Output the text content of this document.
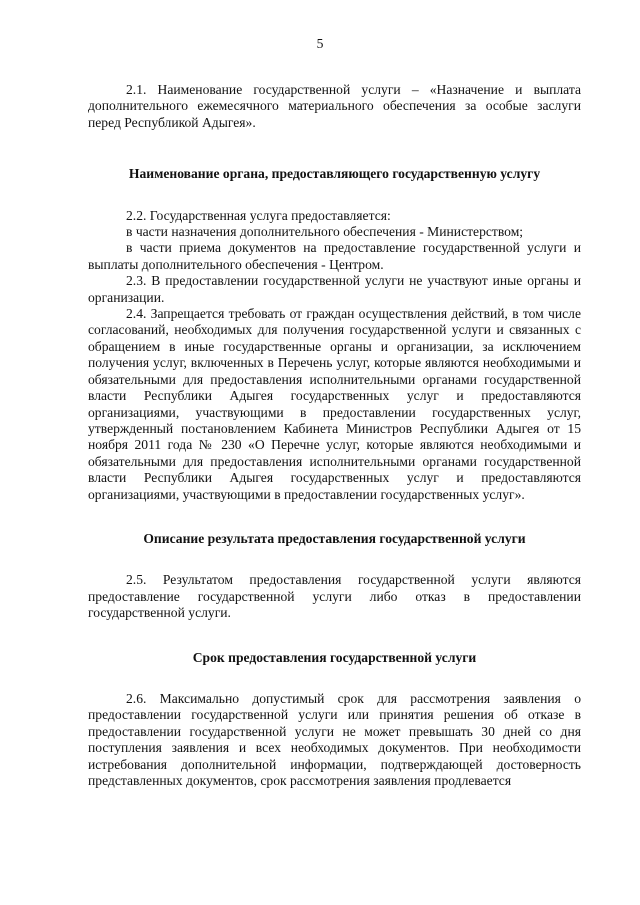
5

2.1. Наименование государственной услуги – «Назначение и выплата дополнительного ежемесячного материального обеспечения за особые заслуги перед Республикой Адыгея».

Наименование органа, предоставляющего государственную услугу

2.2. Государственная услуга предоставляется:

в части назначения дополнительного обеспечения - Министерством;

в части приема документов на предоставление государственной услуги и выплаты дополнительного обеспечения - Центром.

2.3. В предоставлении государственной услуги не участвуют иные органы и организации.

2.4. Запрещается требовать от граждан осуществления действий, в том числе согласований, необходимых для получения государственной услуги и связанных с обращением в иные государственные органы и организации, за исключением получения услуг, включенных в Перечень услуг, которые являются необходимыми и обязательными для предоставления исполнительными органами государственной власти Республики Адыгея государственных услуг и предоставляются организациями, участвующими в предоставлении государственных услуг, утвержденный постановлением Кабинета Министров Республики Адыгея от 15 ноября 2011 года № 230 «О Перечне услуг, которые являются необходимыми и обязательными для предоставления исполнительными органами государственной власти Республики Адыгея государственных услуг и предоставляются организациями, участвующими в предоставлении государственных услуг».

Описание результата предоставления государственной услуги

2.5. Результатом предоставления государственной услуги являются предоставление государственной услуги либо отказ в предоставлении государственной услуги.

Срок предоставления государственной услуги

2.6. Максимально допустимый срок для рассмотрения заявления о предоставлении государственной услуги или принятия решения об отказе в предоставлении государственной услуги не может превышать 30 дней со дня поступления заявления и всех необходимых документов. При необходимости истребования дополнительной информации, подтверждающей достоверность представленных документов, срок рассмотрения заявления продлевается
